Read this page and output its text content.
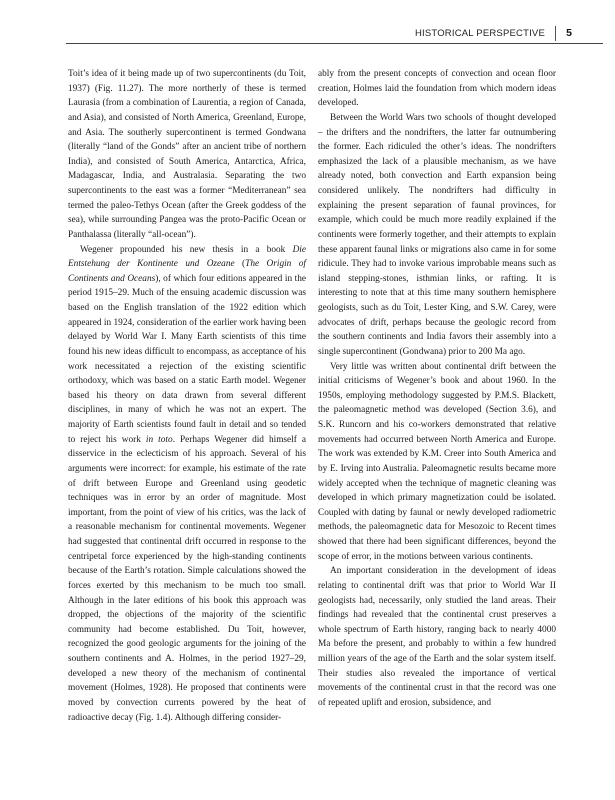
HISTORICAL PERSPECTIVE 5

Toit’s idea of it being made up of two supercontinents (du Toit, 1937) (Fig. 11.27). The more northerly of these is termed Laurasia (from a combination of Laurentia, a region of Canada, and Asia), and consisted of North America, Greenland, Europe, and Asia. The southerly supercontinent is termed Gondwana (literally “land of the Gonds” after an ancient tribe of northern India), and consisted of South America, Antarctica, Africa, Madagascar, India, and Australasia. Separating the two supercontinents to the east was a former “Mediterranean” sea termed the paleo-Tethys Ocean (after the Greek goddess of the sea), while surrounding Pangea was the proto-Pacific Ocean or Panthalassa (literally “all-ocean”).

Wegener propounded his new thesis in a book Die Entstehung der Kontinente und Ozeane (The Origin of Continents and Oceans), of which four editions appeared in the period 1915–29. Much of the ensuing academic discussion was based on the English translation of the 1922 edition which appeared in 1924, consideration of the earlier work having been delayed by World War I. Many Earth scientists of this time found his new ideas difficult to encompass, as acceptance of his work necessitated a rejection of the existing scientific orthodoxy, which was based on a static Earth model. Wegener based his theory on data drawn from several different disciplines, in many of which he was not an expert. The majority of Earth scientists found fault in detail and so tended to reject his work in toto. Perhaps Wegener did himself a disservice in the eclecticism of his approach. Several of his arguments were incorrect: for example, his estimate of the rate of drift between Europe and Greenland using geodetic techniques was in error by an order of magnitude. Most important, from the point of view of his critics, was the lack of a reasonable mechanism for continental movements. Wegener had suggested that continental drift occurred in response to the centripetal force experienced by the high-standing continents because of the Earth’s rotation. Simple calculations showed the forces exerted by this mechanism to be much too small. Although in the later editions of his book this approach was dropped, the objections of the majority of the scientific community had become established. Du Toit, however, recognized the good geologic arguments for the joining of the southern continents and A. Holmes, in the period 1927–29, developed a new theory of the mechanism of continental movement (Holmes, 1928). He proposed that continents were moved by convection currents powered by the heat of radioactive decay (Fig. 1.4). Although differing consider-

ably from the present concepts of convection and ocean floor creation, Holmes laid the foundation from which modern ideas developed.

Between the World Wars two schools of thought developed – the drifters and the nondrifters, the latter far outnumbering the former. Each ridiculed the other’s ideas. The nondrifters emphasized the lack of a plausible mechanism, as we have already noted, both convection and Earth expansion being considered unlikely. The nondrifters had difficulty in explaining the present separation of faunal provinces, for example, which could be much more readily explained if the continents were formerly together, and their attempts to explain these apparent faunal links or migrations also came in for some ridicule. They had to invoke various improbable means such as island stepping-stones, isthmian links, or rafting. It is interesting to note that at this time many southern hemisphere geologists, such as du Toit, Lester King, and S.W. Carey, were advocates of drift, perhaps because the geologic record from the southern continents and India favors their assembly into a single supercontinent (Gondwana) prior to 200 Ma ago.

Very little was written about continental drift between the initial criticisms of Wegener’s book and about 1960. In the 1950s, employing methodology suggested by P.M.S. Blackett, the paleomagnetic method was developed (Section 3.6), and S.K. Runcorn and his co-workers demonstrated that relative movements had occurred between North America and Europe. The work was extended by K.M. Creer into South America and by E. Irving into Australia. Paleomagnetic results became more widely accepted when the technique of magnetic cleaning was developed in which primary magnetization could be isolated. Coupled with dating by faunal or newly developed radiometric methods, the paleomagnetic data for Mesozoic to Recent times showed that there had been significant differences, beyond the scope of error, in the motions between various continents.

An important consideration in the development of ideas relating to continental drift was that prior to World War II geologists had, necessarily, only studied the land areas. Their findings had revealed that the continental crust preserves a whole spectrum of Earth history, ranging back to nearly 4000 Ma before the present, and probably to within a few hundred million years of the age of the Earth and the solar system itself. Their studies also revealed the importance of vertical movements of the continental crust in that the record was one of repeated uplift and erosion, subsidence, and
